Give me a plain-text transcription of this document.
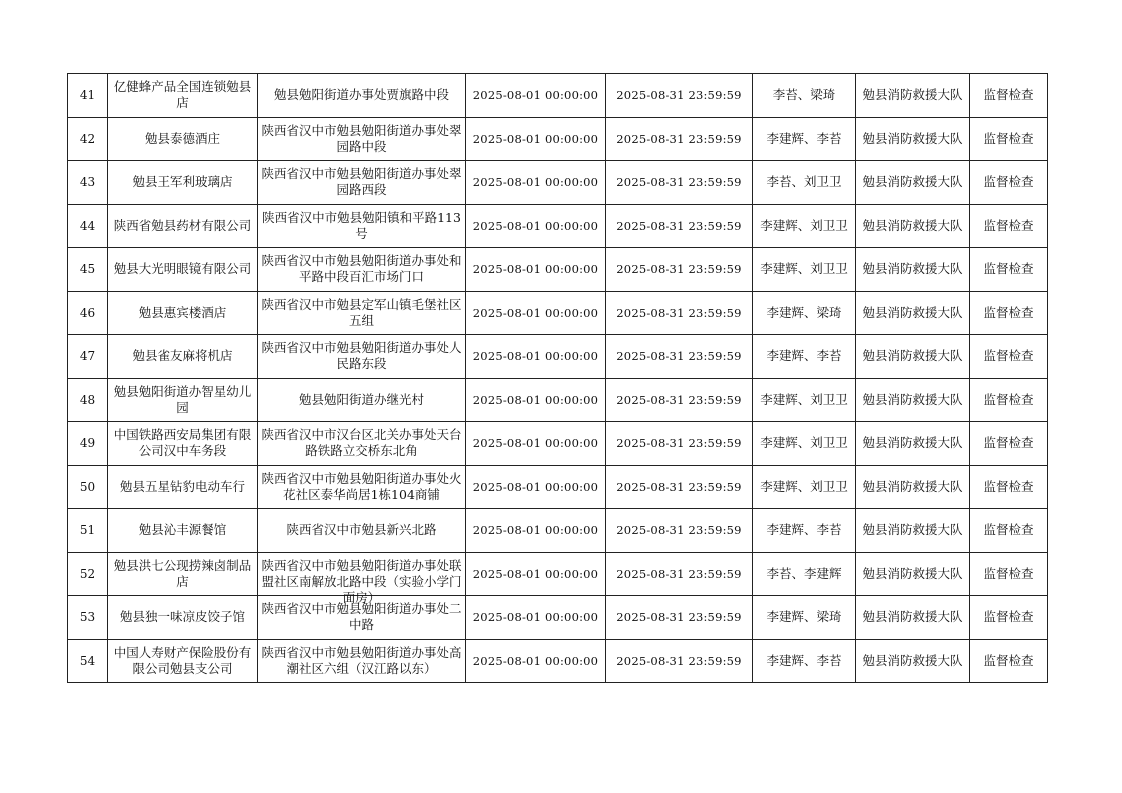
41	亿健蜂产品全国连锁勉县店	勉县勉阳街道办事处贾旗路中段	2025-08-01 00:00:00	2025-08-31 23:59:59	李苔、梁琦	勉县消防救援大队	监督检查

42	勉县泰德酒庄	陕西省汉中市勉县勉阳街道办事处翠园路中段	2025-08-01 00:00:00	2025-08-31 23:59:59	李建辉、李苔	勉县消防救援大队	监督检查

43	勉县王军利玻璃店	陕西省汉中市勉县勉阳街道办事处翠园路西段	2025-08-01 00:00:00	2025-08-31 23:59:59	李苔、刘卫卫	勉县消防救援大队	监督检查

44	陕西省勉县药材有限公司	陕西省汉中市勉县勉阳镇和平路113号	2025-08-01 00:00:00	2025-08-31 23:59:59	李建辉、刘卫卫	勉县消防救援大队	监督检查

45	勉县大光明眼镜有限公司	陕西省汉中市勉县勉阳街道办事处和平路中段百汇市场门口	2025-08-01 00:00:00	2025-08-31 23:59:59	李建辉、刘卫卫	勉县消防救援大队	监督检查

46	勉县惠宾楼酒店	陕西省汉中市勉县定军山镇毛堡社区五组	2025-08-01 00:00:00	2025-08-31 23:59:59	李建辉、梁琦	勉县消防救援大队	监督检查

47	勉县雀友麻将机店	陕西省汉中市勉县勉阳街道办事处人民路东段	2025-08-01 00:00:00	2025-08-31 23:59:59	李建辉、李苔	勉县消防救援大队	监督检查

48	勉县勉阳街道办智星幼儿园	勉县勉阳街道办继光村	2025-08-01 00:00:00	2025-08-31 23:59:59	李建辉、刘卫卫	勉县消防救援大队	监督检查

49	中国铁路西安局集团有限公司汉中车务段	陕西省汉中市汉台区北关办事处天台路铁路立交桥东北角	2025-08-01 00:00:00	2025-08-31 23:59:59	李建辉、刘卫卫	勉县消防救援大队	监督检查

50	勉县五星钻豹电动车行	陕西省汉中市勉县勉阳街道办事处火花社区泰华尚居1栋104商铺	2025-08-01 00:00:00	2025-08-31 23:59:59	李建辉、刘卫卫	勉县消防救援大队	监督检查

51	勉县沁丰源餐馆	陕西省汉中市勉县新兴北路	2025-08-01 00:00:00	2025-08-31 23:59:59	李建辉、李苔	勉县消防救援大队	监督检查

52	勉县洪七公现捞辣卤制品店	陕西省汉中市勉县勉阳街道办事处联盟社区南解放北路中段（实验小学门面房）	2025-08-01 00:00:00	2025-08-31 23:59:59	李苔、李建辉	勉县消防救援大队	监督检查

53	勉县独一味凉皮饺子馆	陕西省汉中市勉县勉阳街道办事处二中路	2025-08-01 00:00:00	2025-08-31 23:59:59	李建辉、梁琦	勉县消防救援大队	监督检查

54	中国人寿财产保险股份有限公司勉县支公司	陕西省汉中市勉县勉阳街道办事处高潮社区六组（汉江路以东）	2025-08-01 00:00:00	2025-08-31 23:59:59	李建辉、李苔	勉县消防救援大队	监督检查
